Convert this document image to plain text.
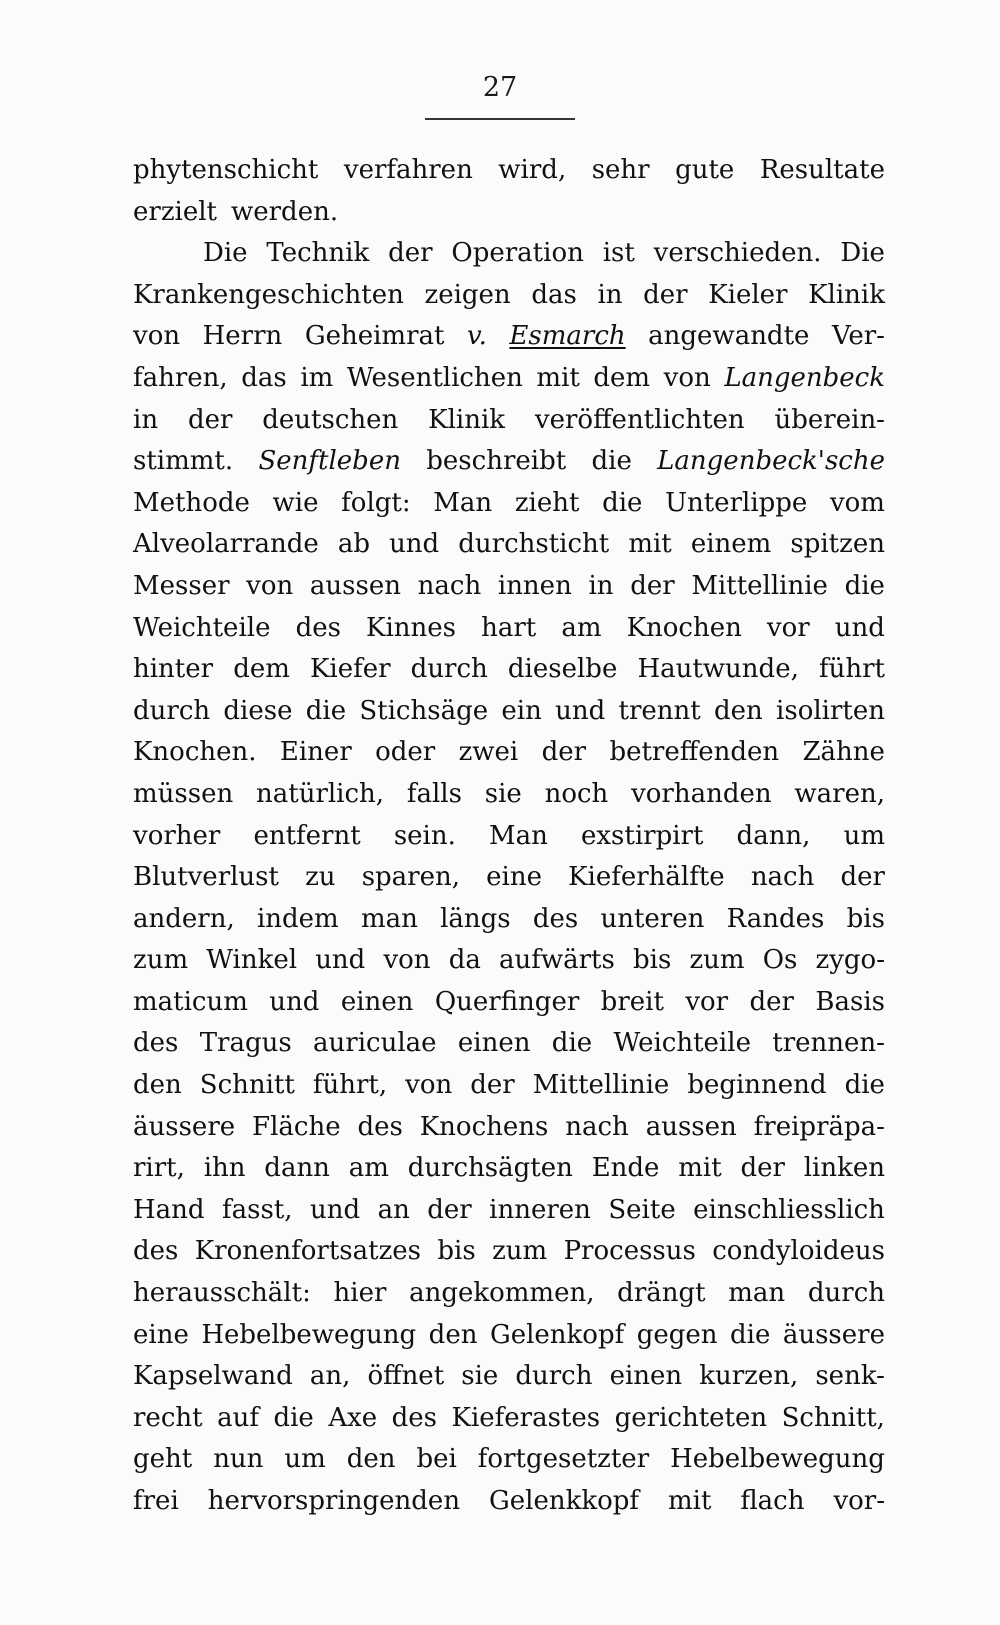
27
phytenschicht verfahren wird, sehr gute Resultate
erzielt werden.
Die Technik der Operation ist verschieden. Die
Krankengeschichten zeigen das in der Kieler Klinik
von Herrn Geheimrat v. Esmarch angewandte Ver-
fahren, das im Wesentlichen mit dem von Langenbeck
in der deutschen Klinik veröffentlichten überein-
stimmt. Senftleben beschreibt die Langenbeck'sche
Methode wie folgt: Man zieht die Unterlippe vom
Alveolarrande ab und durchsticht mit einem spitzen
Messer von aussen nach innen in der Mittellinie die
Weichteile des Kinnes hart am Knochen vor und
hinter dem Kiefer durch dieselbe Hautwunde, führt
durch diese die Stichsäge ein und trennt den isolirten
Knochen. Einer oder zwei der betreffenden Zähne
müssen natürlich, falls sie noch vorhanden waren,
vorher entfernt sein. Man exstirpirt dann, um
Blutverlust zu sparen, eine Kieferhälfte nach der
andern, indem man längs des unteren Randes bis
zum Winkel und von da aufwärts bis zum Os zygo-
maticum und einen Querfinger breit vor der Basis
des Tragus auriculae einen die Weichteile trennen-
den Schnitt führt, von der Mittellinie beginnend die
äussere Fläche des Knochens nach aussen freipräpa-
rirt, ihn dann am durchsägten Ende mit der linken
Hand fasst, und an der inneren Seite einschliesslich
des Kronenfortsatzes bis zum Processus condyloideus
herausschält: hier angekommen, drängt man durch
eine Hebelbewegung den Gelenkopf gegen die äussere
Kapselwand an, öffnet sie durch einen kurzen, senk-
recht auf die Axe des Kieferastes gerichteten Schnitt,
geht nun um den bei fortgesetzter Hebelbewegung
frei hervorspringenden Gelenkkopf mit flach vor-
